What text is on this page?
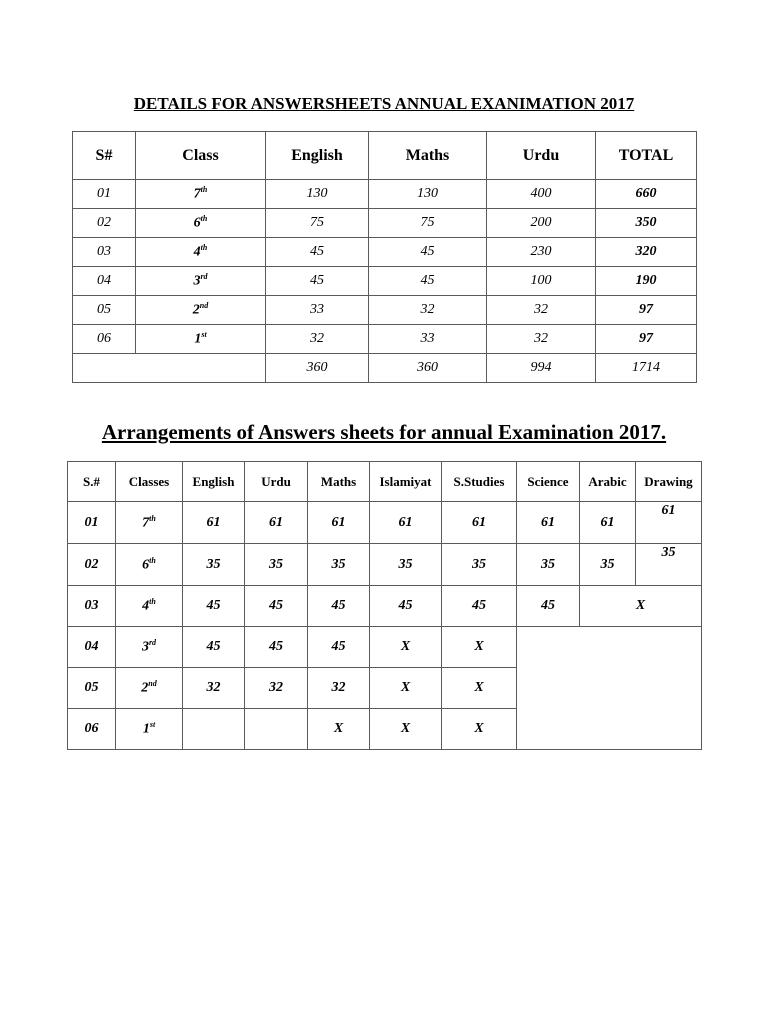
DETAILS FOR ANSWERSHEETS ANNUAL EXANIMATION 2017
S#	Class	English	Maths	Urdu	TOTAL
01	7th	130	130	400	660
02	6th	75	75	200	350
03	4th	45	45	230	320
04	3rd	45	45	100	190
05	2nd	33	32	32	97
06	1st	32	33	32	97
		360	360	994	1714
Arrangements of Answers sheets for annual Examination 2017.
S.#	Classes	English	Urdu	Maths	Islamiyat	S.Studies	Science	Arabic	Drawing
01	7th	61	61	61	61	61	61	61	61
02	6th	35	35	35	35	35	35	35	35
03	4th	45	45	45	45	45	45	X	
04	3rd	45	45	45	X	X			
05	2nd	32	32	32	X	X			
06	1st			X	X	X			
